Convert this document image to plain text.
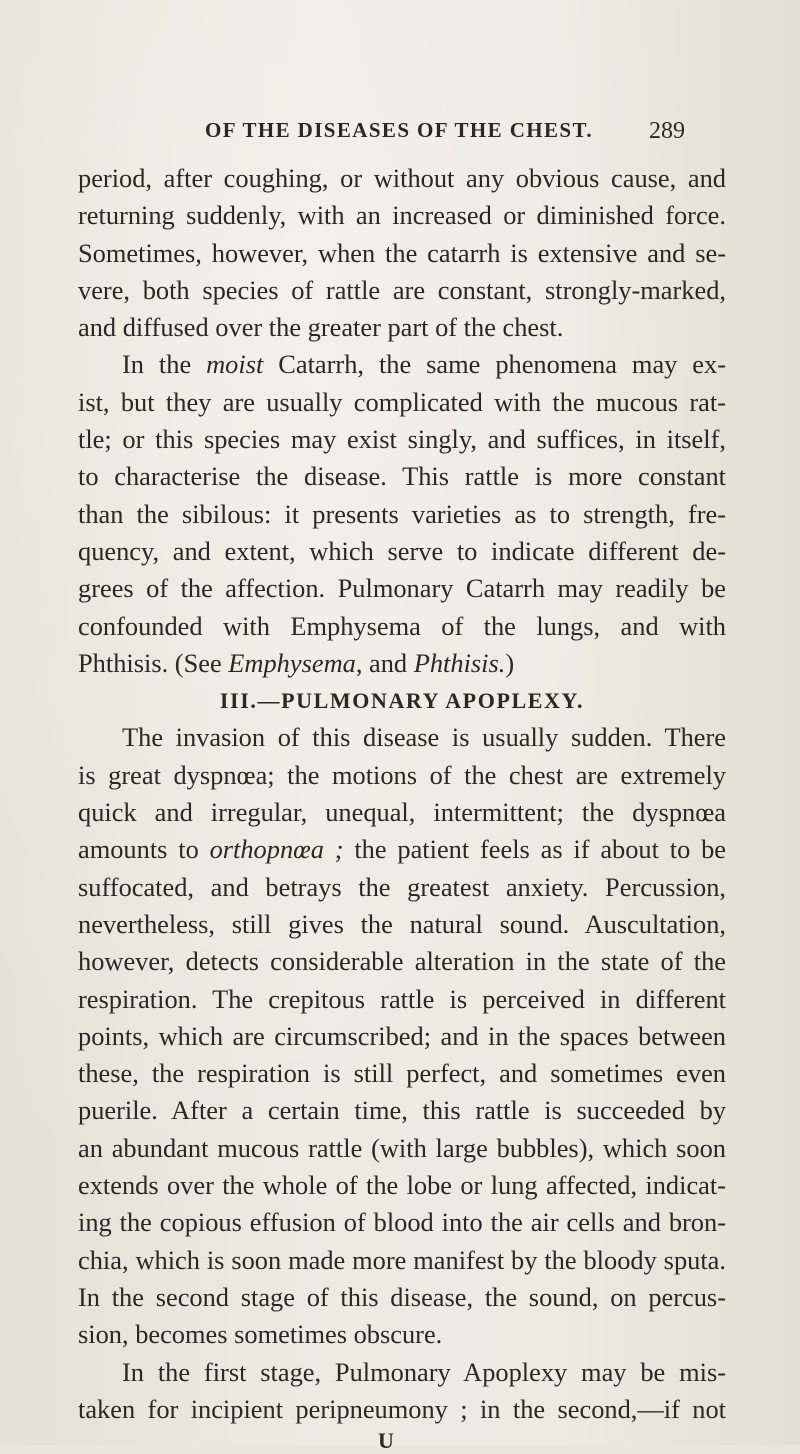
OF THE DISEASES OF THE CHEST. 289
period, after coughing, or without any obvious cause, and
returning suddenly, with an increased or diminished force.
Sometimes, however, when the catarrh is extensive and se-
vere, both species of rattle are constant, strongly-marked,
and diffused over the greater part of the chest.
In the moist Catarrh, the same phenomena may ex-
ist, but they are usually complicated with the mucous rat-
tle; or this species may exist singly, and suffices, in itself,
to characterise the disease. This rattle is more constant
than the sibilous: it presents varieties as to strength, fre-
quency, and extent, which serve to indicate different de-
grees of the affection. Pulmonary Catarrh may readily be
confounded with Emphysema of the lungs, and with
Phthisis. (See Emphysema, and Phthisis.)
III.—PULMONARY APOPLEXY.
The invasion of this disease is usually sudden. There
is great dyspnœa; the motions of the chest are extremely
quick and irregular, unequal, intermittent; the dyspnœa
amounts to orthopnœa ; the patient feels as if about to be
suffocated, and betrays the greatest anxiety. Percussion,
nevertheless, still gives the natural sound. Auscultation,
however, detects considerable alteration in the state of the
respiration. The crepitous rattle is perceived in different
points, which are circumscribed; and in the spaces between
these, the respiration is still perfect, and sometimes even
puerile. After a certain time, this rattle is succeeded by
an abundant mucous rattle (with large bubbles), which soon
extends over the whole of the lobe or lung affected, indicat-
ing the copious effusion of blood into the air cells and bron-
chia, which is soon made more manifest by the bloody sputa.
In the second stage of this disease, the sound, on percus-
sion, becomes sometimes obscure.
In the first stage, Pulmonary Apoplexy may be mis-
taken for incipient peripneumony ; in the second,—if not
U
